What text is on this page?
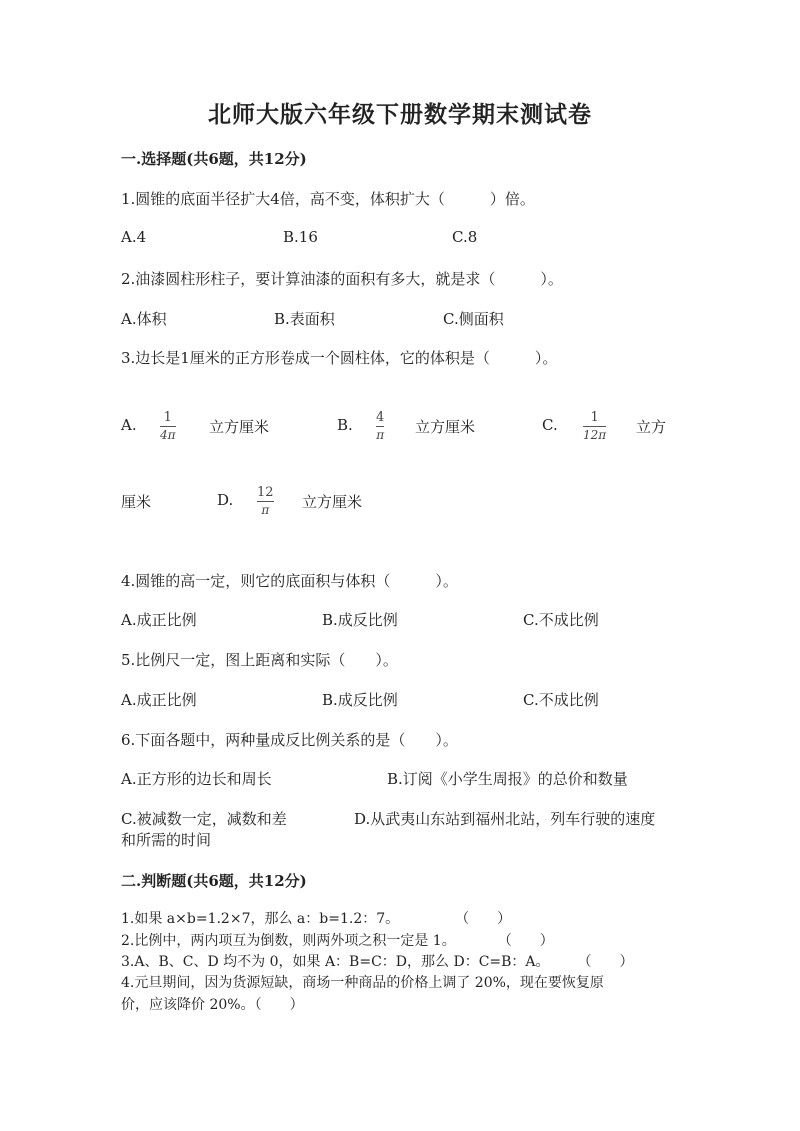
北师大版六年级下册数学期末测试卷
一.选择题(共6题，共12分)
1.圆锥的底面半径扩大4倍，高不变，体积扩大（　　　）倍。
A.4	B.16	C.8
2.油漆圆柱形柱子，要计算油漆的面积有多大，就是求（　　　）。
A.体积	B.表面积	C.侧面积
3.边长是1厘米的正方形卷成一个圆柱体，它的体积是（　　　）。
A. 1
4π 立方厘米	B. 4
π 立方厘米	C.	1
12π 立方
厘米	D. 12
π 立方厘米
4.圆锥的高一定，则它的底面积与体积（　　　）。
A.成正比例	B.成反比例	C.不成比例
5.比例尺一定，图上距离和实际（　　）。
A.成正比例	B.成反比例	C.不成比例
6.下面各题中，两种量成反比例关系的是（　　）。
A.正方形的边长和周长	B.订阅《小学生周报》的总价和数量
C.被减数一定，减数和差	D.从武夷山东站到福州北站，列车行驶的速度
和所需的时间
二.判断题(共6题，共12分)
1.如果 a×b=1.2×7，那么 a：b=1.2：7。　　　　　（　　）
2.比例中，两内项互为倒数，则两外项之积一定是 1。　　　　（　　）
3.A、B、C、D 均不为 0，如果 A：B=C：D，那么 D：C=B：A。　　　（　　）
4.元旦期间，因为货源短缺，商场一种商品的价格上调了 20%，现在要恢复原
价，应该降价 20%。（　　）
